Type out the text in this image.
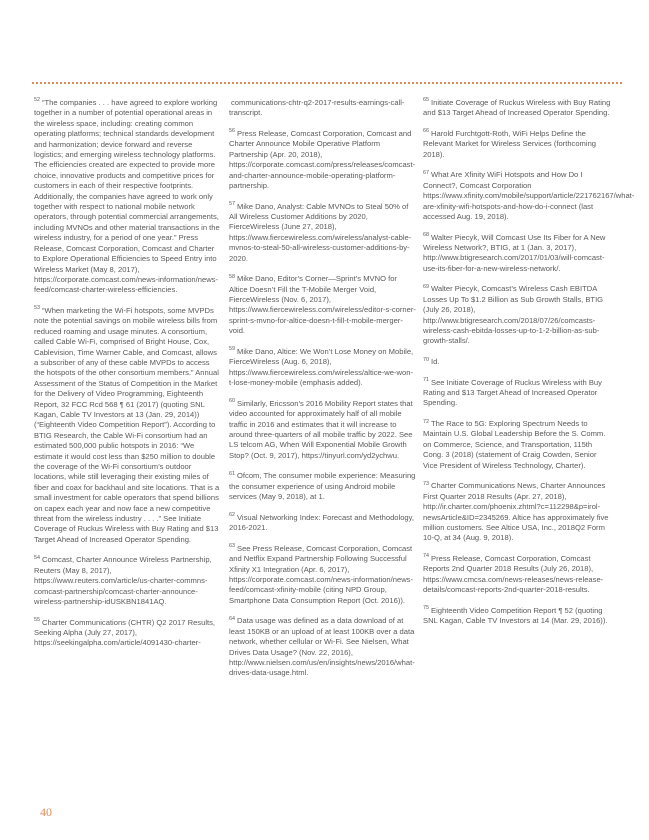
$^{52}$ “The companies . . . have agreed to explore working together in a number of potential operational areas in the wireless space, including: creating common operating platforms; technical standards development and harmonization; device forward and reverse logistics; and emerging wireless technology platforms. The efficiencies created are expected to provide more choice, innovative products and competitive prices for customers in each of their respective footprints. Additionally, the companies have agreed to work only together with respect to national mobile network operators, through potential commercial arrangements, including MVNOs and other material transactions in the wireless industry, for a period of one year.” Press Release, Comcast Corporation, Comcast and Charter to Explore Operational Efficiencies to Speed Entry into Wireless Market (May 8, 2017), https://corporate.comcast.com/news-information/news-feed/comcast-charter-wireless-efficiencies.

$^{53}$ “When marketing the Wi-Fi hotspots, some MVPDs note the potential savings on mobile wireless bills from reduced roaming and usage minutes. A consortium, called Cable Wi-Fi, comprised of Bright House, Cox, Cablevision, Time Warner Cable, and Comcast, allows a subscriber of any of these cable MVPDs to access the hotspots of the other consortium members.” Annual Assessment of the Status of Competition in the Market for the Delivery of Video Programming, Eighteenth Report, 32 FCC Rcd 568 ¶ 61 (2017) (quoting SNL Kagan, Cable TV Investors at 13 (Jan. 29, 2014)) (“Eighteenth Video Competition Report”). According to BTIG Research, the Cable Wi-Fi consortium had an estimated 500,000 public hotspots in 2016: “We estimate it would cost less than $250 million to double the coverage of the Wi-Fi consortium’s outdoor locations, while still leveraging their existing miles of fiber and coax for backhaul and site locations. That is a small investment for cable operators that spend billions on capex each year and now face a new competitive threat from the wireless industry . . . .” See Initiate Coverage of Ruckus Wireless with Buy Rating and $13 Target Ahead of Increased Operator Spending.

$^{54}$ Comcast, Charter Announce Wireless Partnership, Reuters (May 8, 2017), https://www.reuters.com/article/us-charter-commns-comcast-partnership/comcast-charter-announce-wireless-partnership-idUSKBN1841AQ.

$^{55}$ Charter Communications (CHTR) Q2 2017 Results, Seeking Alpha (July 27, 2017), https://seekingalpha.com/article/4091430-charter-

communications-chtr-q2-2017-results-earnings-call-transcript.

$^{56}$ Press Release, Comcast Corporation, Comcast and Charter Announce Mobile Operative Platform Partnership (Apr. 20, 2018), https://corporate.comcast.com/press/releases/comcast-and-charter-announce-mobile-operating-platform-partnership.

$^{57}$ Mike Dano, Analyst: Cable MVNOs to Steal 50% of All Wireless Customer Additions by 2020, FierceWireless (June 27, 2018), https://www.fiercewireless.com/wireless/analyst-cable-mvnos-to-steal-50-all-wireless-customer-additions-by-2020.

$^{58}$ Mike Dano, Editor’s Corner—Sprint’s MVNO for Altice Doesn’t Fill the T-Mobile Merger Void, FierceWireless (Nov. 6, 2017), https://www.fiercewireless.com/wireless/editor-s-corner-sprint-s-mvno-for-altice-doesn-t-fill-t-mobile-merger-void.

$^{59}$ Mike Dano, Altice: We Won’t Lose Money on Mobile, FierceWireless (Aug. 6, 2018), https://www.fiercewireless.com/wireless/altice-we-won-t-lose-money-mobile (emphasis added).

$^{60}$ Similarly, Ericsson’s 2016 Mobility Report states that video accounted for approximately half of all mobile traffic in 2016 and estimates that it will increase to around three-quarters of all mobile traffic by 2022. See LS telcom AG, When Will Exponential Mobile Growth Stop? (Oct. 9, 2017), https://tinyurl.com/yd2ychwu.

$^{61}$ Ofcom, The consumer mobile experience: Measuring the consumer experience of using Android mobile services (May 9, 2018), at 1.

$^{62}$ Visual Networking Index: Forecast and Methodology, 2016-2021.

$^{63}$ See Press Release, Comcast Corporation, Comcast and Netflix Expand Partnership Following Successful Xfinity X1 Integration (Apr. 6, 2017), https://corporate.comcast.com/news-information/news-feed/comcast-xfinity-mobile (citing NPD Group, Smartphone Data Consumption Report (Oct. 2016)).

$^{64}$ Data usage was defined as a data download of at least 150KB or an upload of at least 100KB over a data network, whether cellular or Wi-Fi. See Nielsen, What Drives Data Usage? (Nov. 22, 2016), http://www.nielsen.com/us/en/insights/news/2016/what-drives-data-usage.html.

$^{65}$ Initiate Coverage of Ruckus Wireless with Buy Rating and $13 Target Ahead of Increased Operator Spending.

$^{66}$ Harold Furchtgott-Roth, WiFi Helps Define the Relevant Market for Wireless Services (forthcoming 2018).

$^{67}$ What Are Xfinity WiFi Hotspots and How Do I Connect?, Comcast Corporation https://www.xfinity.com/mobile/support/article/221762167/what-are-xfinity-wifi-hotspots-and-how-do-i-connect (last accessed Aug. 19, 2018).

$^{68}$ Walter Piecyk, Will Comcast Use Its Fiber for A New Wireless Network?, BTIG, at 1 (Jan. 3, 2017), http://www.btigresearch.com/2017/01/03/will-comcast-use-its-fiber-for-a-new-wireless-network/.

$^{69}$ Walter Piecyk, Comcast’s Wireless Cash EBITDA Losses Up To $1.2 Billion as Sub Growth Stalls, BTIG (July 26, 2018), http://www.btigresearch.com/2018/07/26/comcasts-wireless-cash-ebitda-losses-up-to-1-2-billion-as-sub-growth-stalls/.

$^{70}$ Id.

$^{71}$ See Initiate Coverage of Ruckus Wireless with Buy Rating and $13 Target Ahead of Increased Operator Spending.

$^{72}$ The Race to 5G: Exploring Spectrum Needs to Maintain U.S. Global Leadership Before the S. Comm. on Commerce, Science, and Transportation, 115th Cong. 3 (2018) (statement of Craig Cowden, Senior Vice President of Wireless Technology, Charter).

$^{73}$ Charter Communications News, Charter Announces First Quarter 2018 Results (Apr. 27, 2018), http://ir.charter.com/phoenix.zhtml?c=112298&p=irol-newsArticle&ID=2345269. Altice has approximately five million customers. See Altice USA, Inc., 2018Q2 Form 10-Q, at 34 (Aug. 9, 2018).

$^{74}$ Press Release, Comcast Corporation, Comcast Reports 2nd Quarter 2018 Results (July 26, 2018), https://www.cmcsa.com/news-releases/news-release-details/comcast-reports-2nd-quarter-2018-results.

$^{75}$ Eighteenth Video Competition Report ¶ 52 (quoting SNL Kagan, Cable TV Investors at 14 (Mar. 29, 2016)).

40
